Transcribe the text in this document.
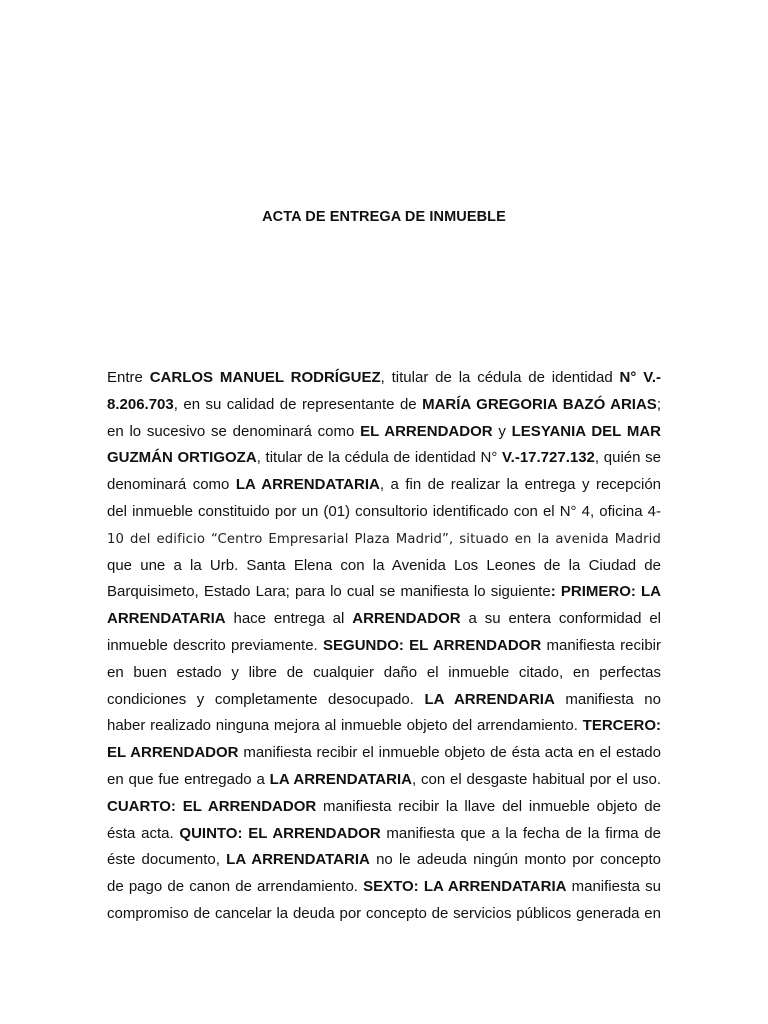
ACTA DE ENTREGA DE INMUEBLE
Entre CARLOS MANUEL RODRÍGUEZ, titular de la cédula de identidad N° V.-
8.206.703, en su calidad de representante de MARÍA GREGORIA BAZÓ ARIAS;
en lo sucesivo se denominará como EL ARRENDADOR y LESYANIA DEL MAR
GUZMÁN ORTIGOZA, titular de la cédula de identidad N° V.-17.727.132, quién se
denominará como LA ARRENDATARIA, a fin de realizar la entrega y recepción
del inmueble constituido por un (01) consultorio identificado con el N° 4, oficina 4-
10 del edificio “Centro Empresarial Plaza Madrid”, situado en la avenida Madrid
que une a la Urb. Santa Elena con la Avenida Los Leones de la Ciudad de
Barquisimeto, Estado Lara; para lo cual se manifiesta lo siguiente: PRIMERO: LA
ARRENDATARIA hace entrega al ARRENDADOR a su entera conformidad el
inmueble descrito previamente. SEGUNDO: EL ARRENDADOR manifiesta recibir
en buen estado y libre de cualquier daño el inmueble citado, en perfectas
condiciones y completamente desocupado. LA ARRENDARIA manifiesta no
haber realizado ninguna mejora al inmueble objeto del arrendamiento. TERCERO:
EL ARRENDADOR manifiesta recibir el inmueble objeto de ésta acta en el estado
en que fue entregado a LA ARRENDATARIA, con el desgaste habitual por el uso.
CUARTO: EL ARRENDADOR manifiesta recibir la llave del inmueble objeto de
ésta acta. QUINTO: EL ARRENDADOR manifiesta que a la fecha de la firma de
éste documento, LA ARRENDATARIA no le adeuda ningún monto por concepto
de pago de canon de arrendamiento. SEXTO: LA ARRENDATARIA manifiesta su
compromiso de cancelar la deuda por concepto de servicios públicos generada en
